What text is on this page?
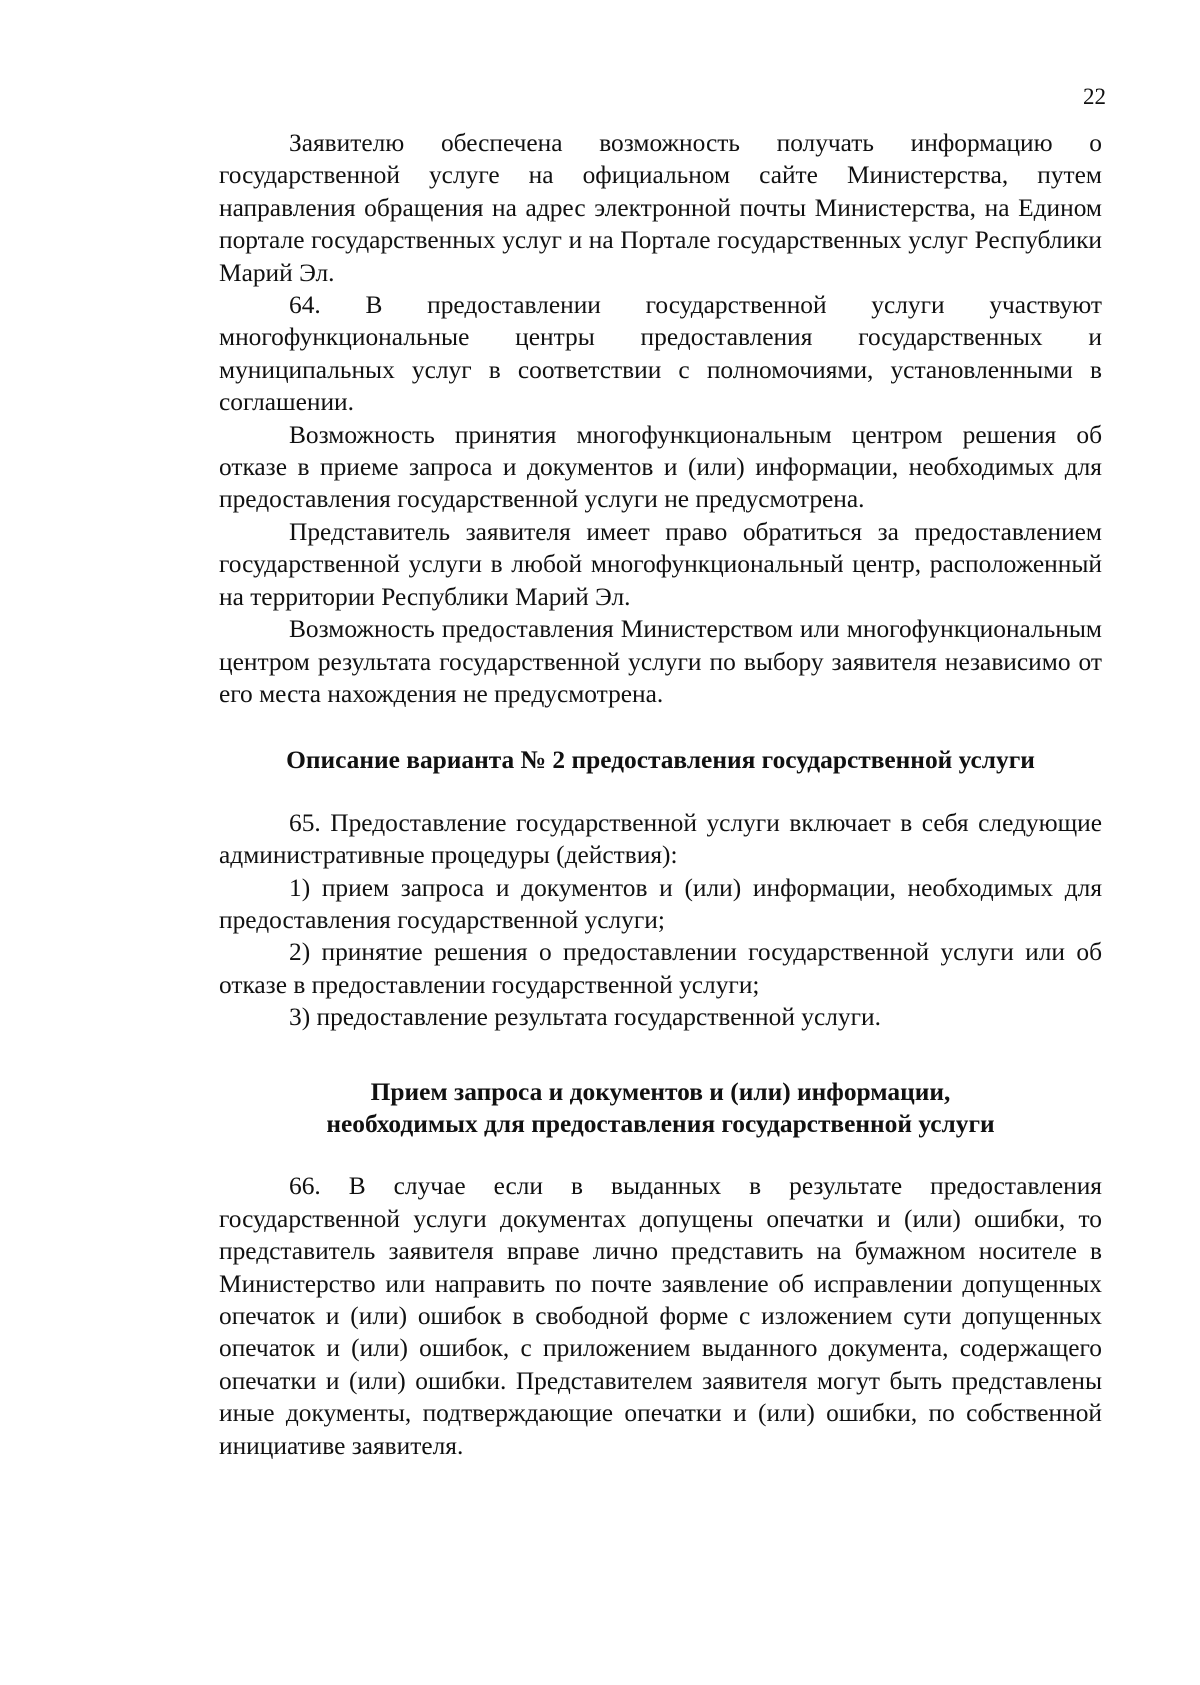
22

Заявителю обеспечена возможность получать информацию о государственной услуге на официальном сайте Министерства, путем направления обращения на адрес электронной почты Министерства, на Едином портале государственных услуг и на Портале государственных услуг Республики Марий Эл.

64. В предоставлении государственной услуги участвуют многофункциональные центры предоставления государственных и муниципальных услуг в соответствии с полномочиями, установленными в соглашении.

Возможность принятия многофункциональным центром решения об отказе в приеме запроса и документов и (или) информации, необходимых для предоставления государственной услуги не предусмотрена.

Представитель заявителя имеет право обратиться за предоставлением государственной услуги в любой многофункциональный центр, расположенный на территории Республики Марий Эл.

Возможность предоставления Министерством или многофункциональным центром результата государственной услуги по выбору заявителя независимо от его места нахождения не предусмотрена.

Описание варианта № 2 предоставления государственной услуги

65. Предоставление государственной услуги включает в себя следующие административные процедуры (действия):

1) прием запроса и документов и (или) информации, необходимых для предоставления государственной услуги;

2) принятие решения о предоставлении государственной услуги или об отказе в предоставлении государственной услуги;

3) предоставление результата государственной услуги.

Прием запроса и документов и (или) информации,
необходимых для предоставления государственной услуги

66. В случае если в выданных в результате предоставления государственной услуги документах допущены опечатки и (или) ошибки, то представитель заявителя вправе лично представить на бумажном носителе в Министерство или направить по почте заявление об исправлении допущенных опечаток и (или) ошибок в свободной форме с изложением сути допущенных опечаток и (или) ошибок, с приложением выданного документа, содержащего опечатки и (или) ошибки. Представителем заявителя могут быть представлены иные документы, подтверждающие опечатки и (или) ошибки, по собственной инициативе заявителя.
